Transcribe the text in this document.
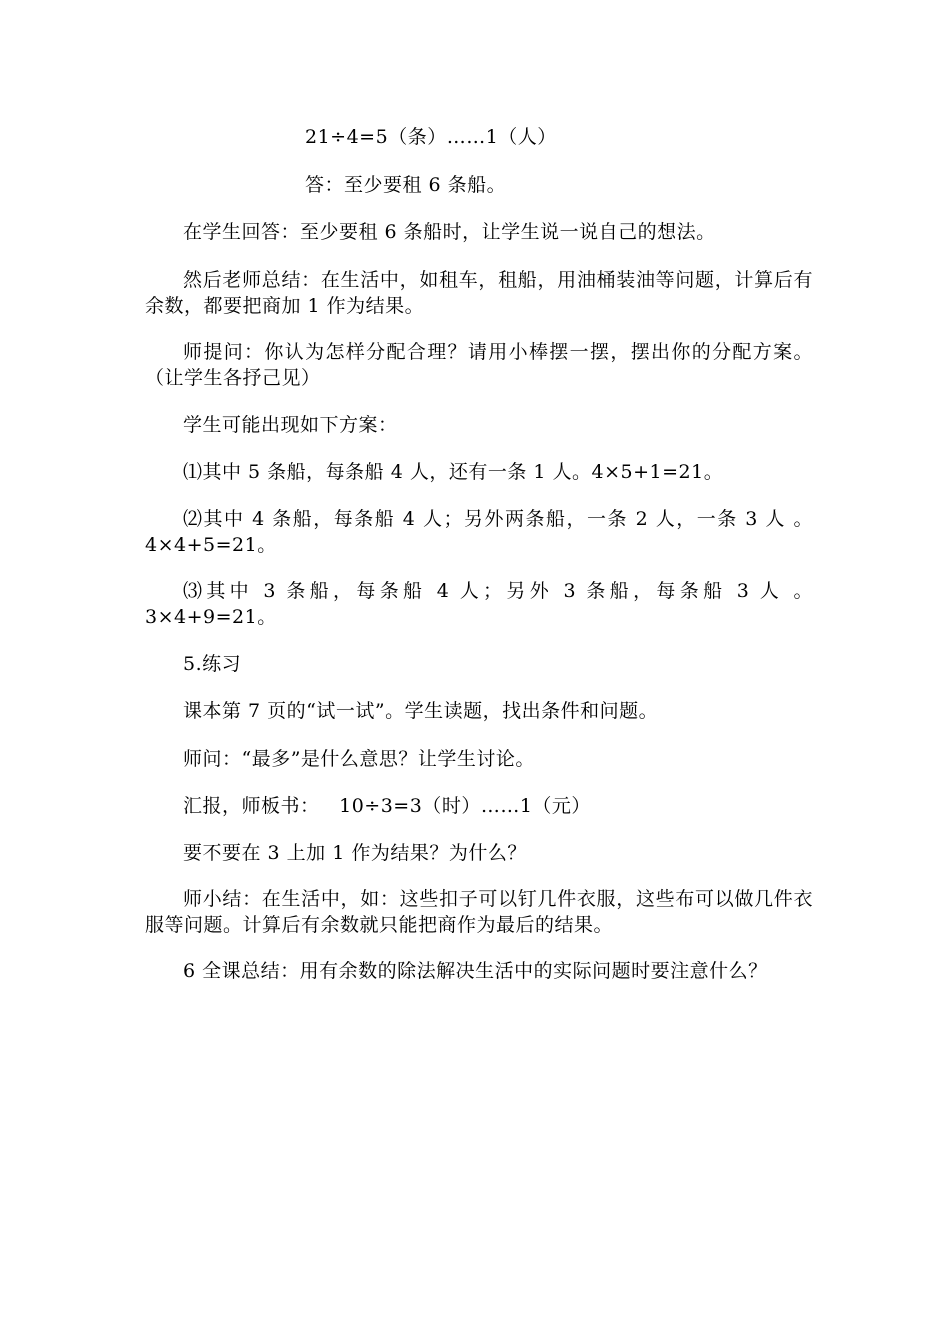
21÷4=5（条）……1（人）
答：至少要租 6 条船。
在学生回答：至少要租 6 条船时，让学生说一说自己的想法。
然后老师总结：在生活中，如租车，租船，用油桶装油等问题，计算后有余数，都要把商加 1 作为结果。
师提问：你认为怎样分配合理？请用小棒摆一摆，摆出你的分配方案。（让学生各抒己见）
学生可能出现如下方案：
⑴其中 5 条船，每条船 4 人，还有一条 1 人。4×5+1=21。
⑵其中 4 条船，每条船 4 人；另外两条船，一条 2 人，一条 3 人 。4×4+5=21。
⑶其中 3 条船，每条船 4 人；另外 3 条船，每条船 3 人 。3×4+9=21。
5.练习
课本第 7 页的“试一试”。学生读题，找出条件和问题。
师问：“最多”是什么意思？让学生讨论。
汇报，师板书：   10÷3=3（时）……1（元）
要不要在 3 上加 1 作为结果？为什么？
师小结：在生活中，如：这些扣子可以钉几件衣服，这些布可以做几件衣服等问题。计算后有余数就只能把商作为最后的结果。
6 全课总结：用有余数的除法解决生活中的实际问题时要注意什么？
